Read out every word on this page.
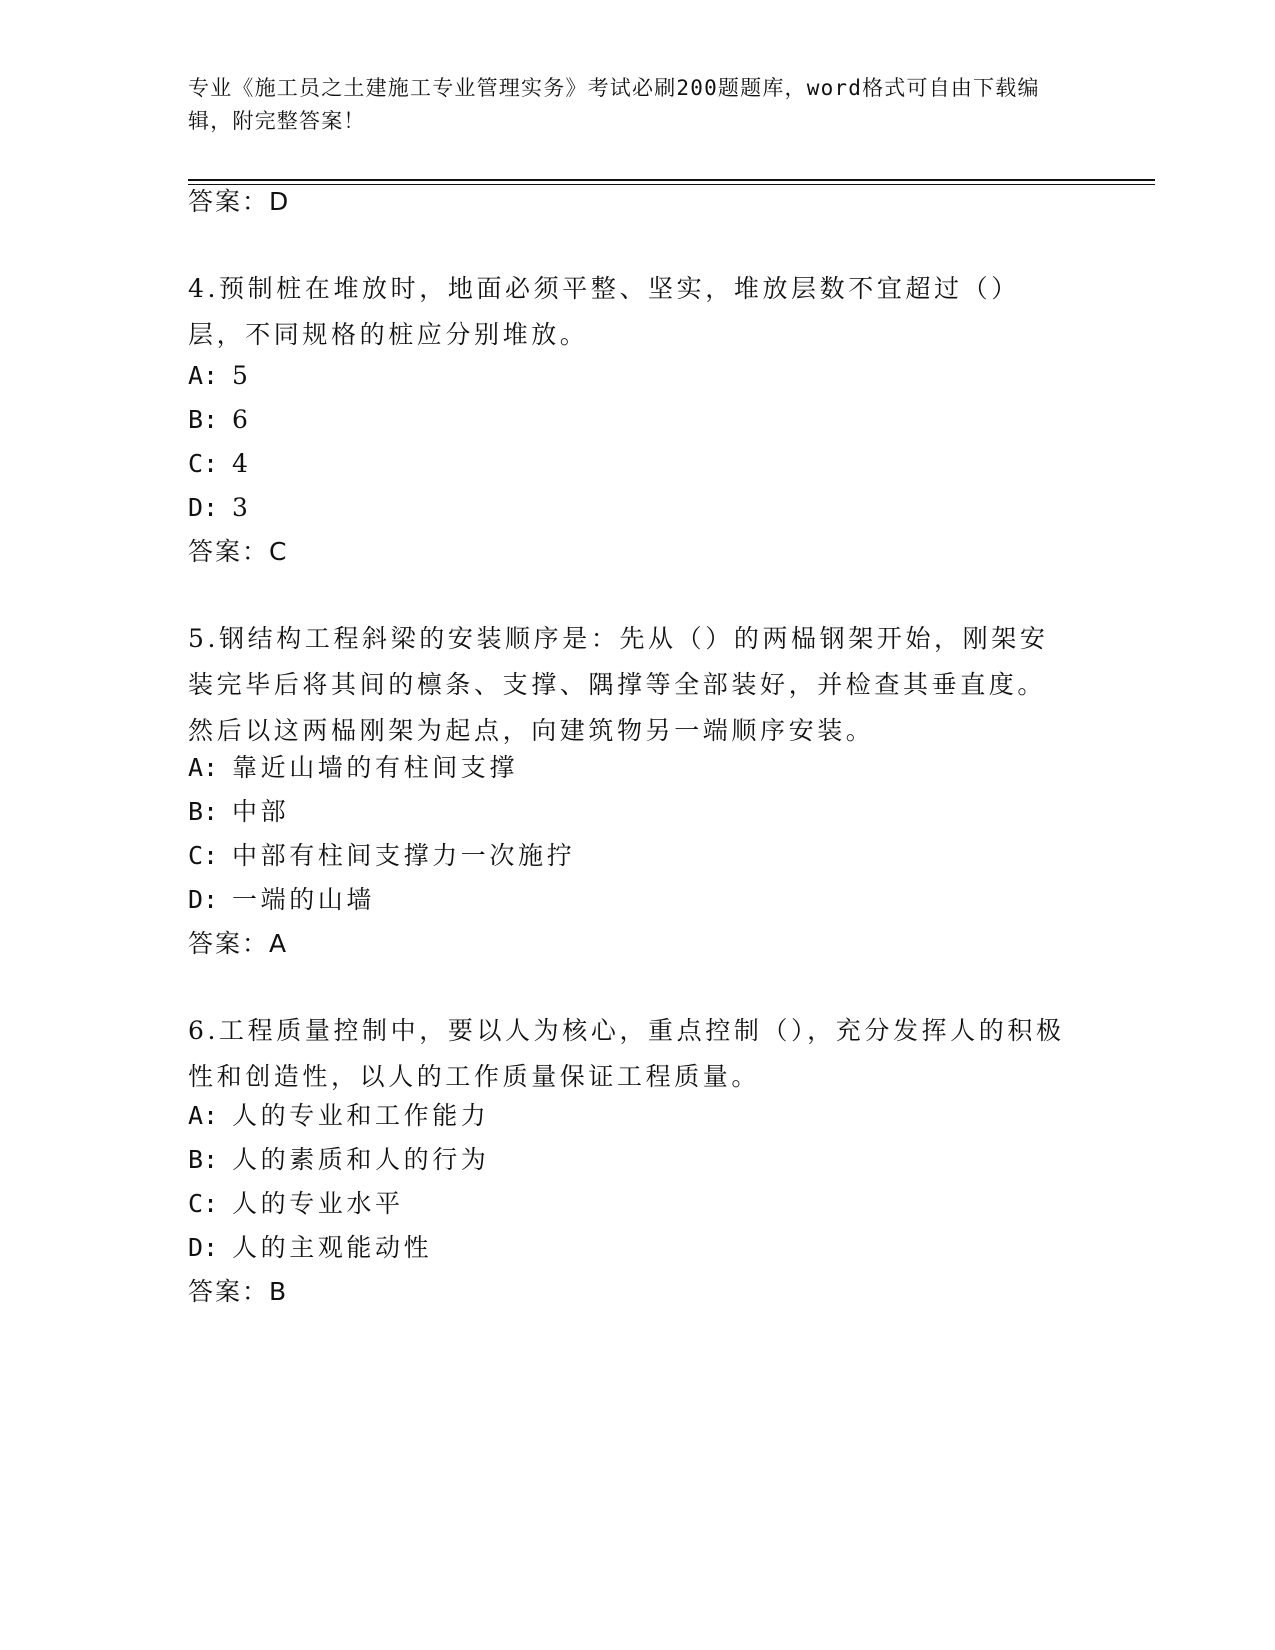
专业《施工员之土建施工专业管理实务》考试必刷200题题库，word格式可自由下载编辑，附完整答案！
答案：D
4.预制桩在堆放时，地面必须平整、坚实，堆放层数不宜超过（）层，不同规格的桩应分别堆放。
A: 5
B: 6
C: 4
D: 3
答案：C
5.钢结构工程斜梁的安装顺序是：先从（）的两榀钢架开始，刚架安装完毕后将其间的檩条、支撑、隅撑等全部装好，并检查其垂直度。然后以这两榀刚架为起点，向建筑物另一端顺序安装。
A: 靠近山墙的有柱间支撑
B: 中部
C: 中部有柱间支撑力一次施拧
D: 一端的山墙
答案：A
6.工程质量控制中，要以人为核心，重点控制（），充分发挥人的积极性和创造性，以人的工作质量保证工程质量。
A: 人的专业和工作能力
B: 人的素质和人的行为
C: 人的专业水平
D: 人的主观能动性
答案：B
